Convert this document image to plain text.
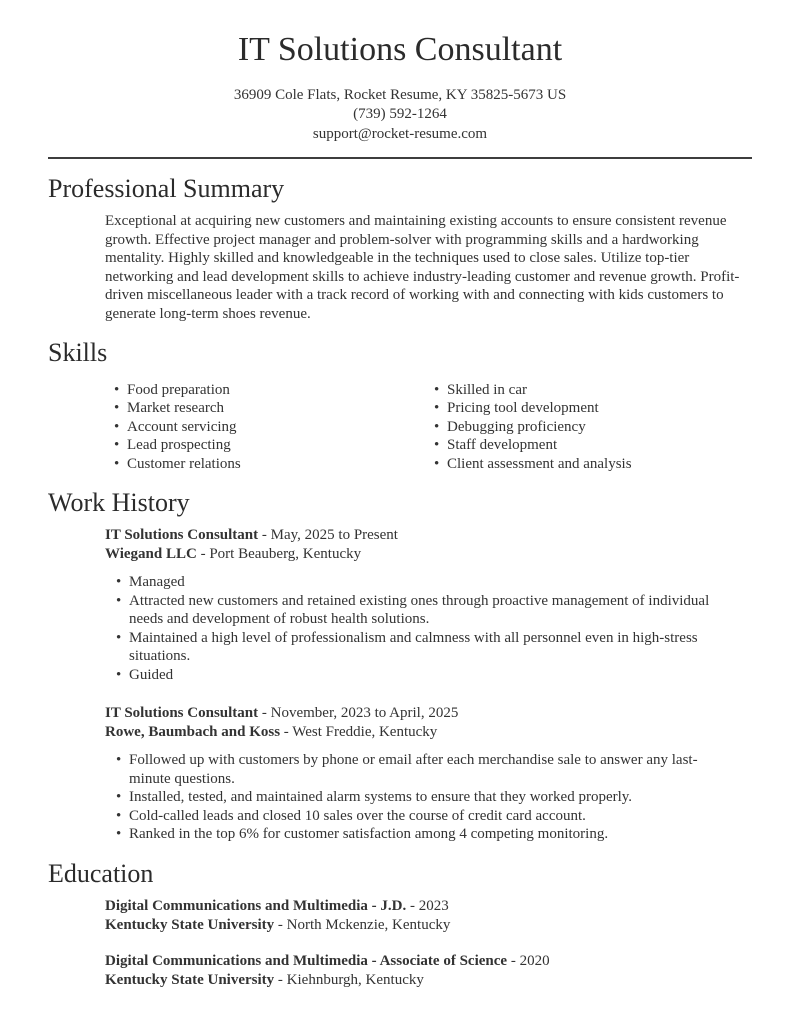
IT Solutions Consultant
36909 Cole Flats, Rocket Resume, KY 35825-5673 US
(739) 592-1264
support@rocket-resume.com
Professional Summary

Exceptional at acquiring new customers and maintaining existing accounts to ensure consistent revenue growth. Effective project manager and problem-solver with programming skills and a hardworking mentality. Highly skilled and knowledgeable in the techniques used to close sales. Utilize top-tier networking and lead development skills to achieve industry-leading customer and revenue growth. Profit-driven miscellaneous leader with a track record of working with and connecting with kids customers to generate long-term shoes revenue.

Skills
• Food preparation
• Market research
• Account servicing
• Lead prospecting
• Customer relations
• Skilled in car
• Pricing tool development
• Debugging proficiency
• Staff development
• Client assessment and analysis
Work History
IT Solutions Consultant - May, 2025 to Present
Wiegand LLC - Port Beauberg, Kentucky
• Managed
• Attracted new customers and retained existing ones through proactive management of individual needs and development of robust health solutions.
• Maintained a high level of professionalism and calmness with all personnel even in high-stress situations.
• Guided
IT Solutions Consultant - November, 2023 to April, 2025
Rowe, Baumbach and Koss - West Freddie, Kentucky
• Followed up with customers by phone or email after each merchandise sale to answer any last-minute questions.
• Installed, tested, and maintained alarm systems to ensure that they worked properly.
• Cold-called leads and closed 10 sales over the course of credit card account.
• Ranked in the top 6% for customer satisfaction among 4 competing monitoring.
Education
Digital Communications and Multimedia - J.D. - 2023
Kentucky State University - North Mckenzie, Kentucky
Digital Communications and Multimedia - Associate of Science - 2020
Kentucky State University - Kiehnburgh, Kentucky
